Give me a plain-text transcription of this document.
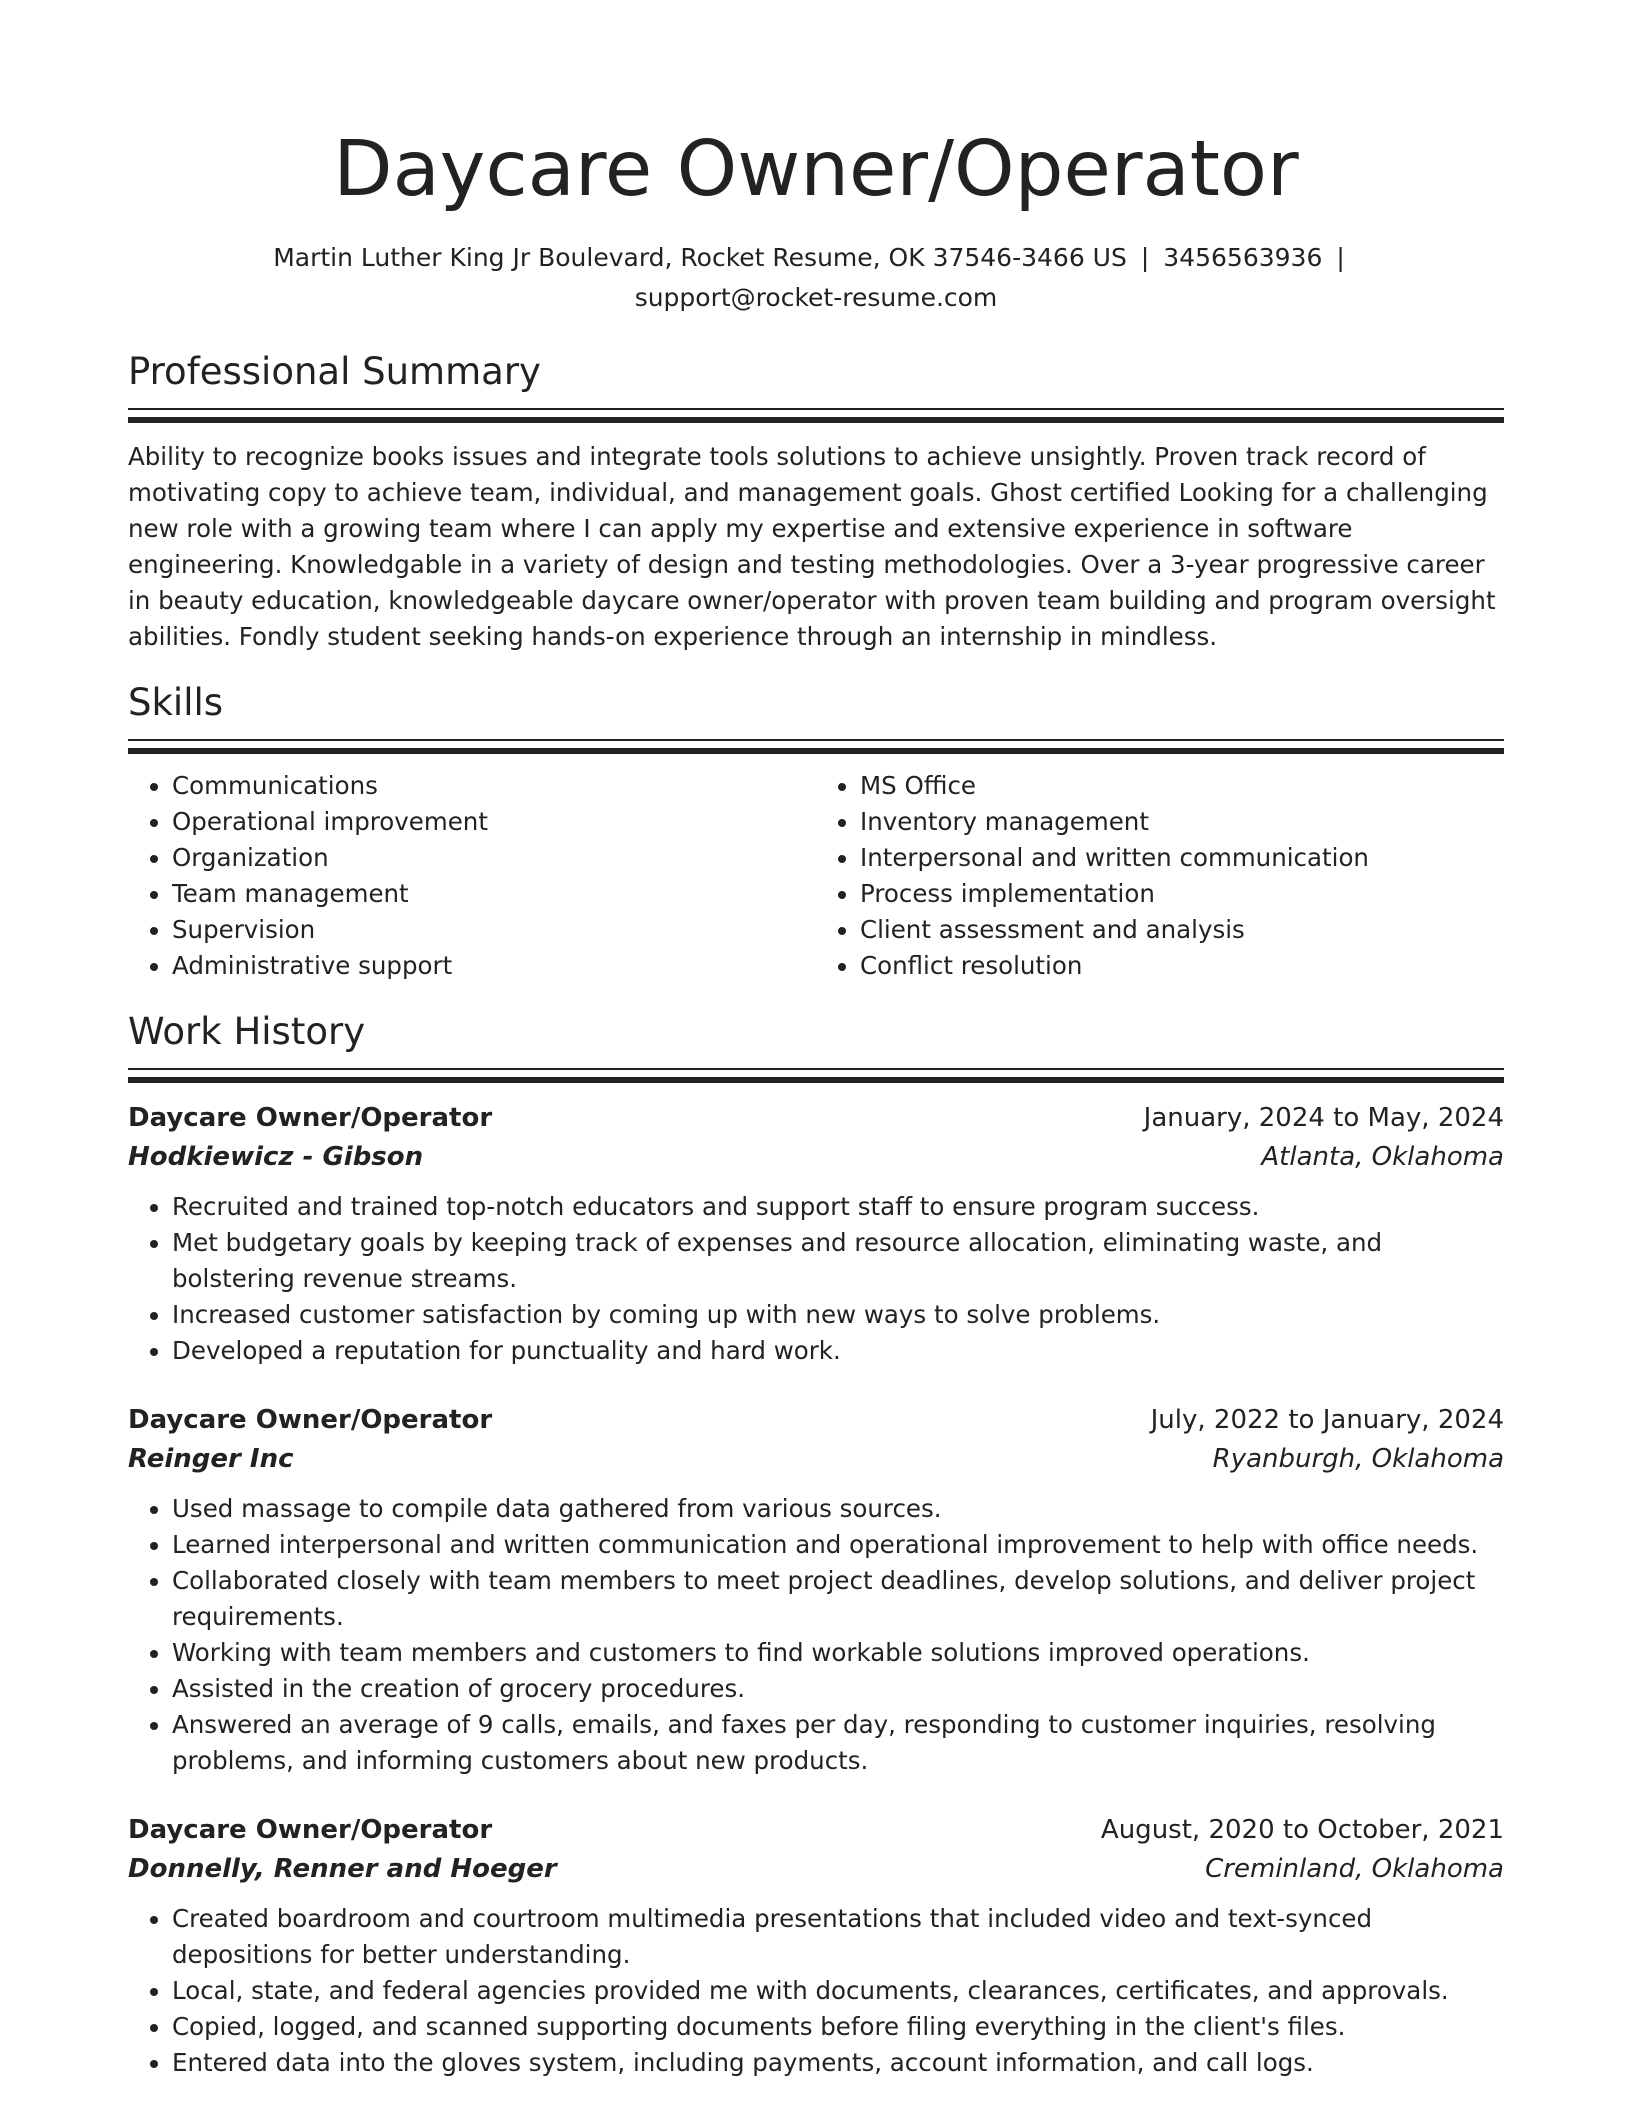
Daycare Owner/Operator
Martin Luther King Jr Boulevard, Rocket Resume, OK 37546-3466 US | 3456563936 |
support@rocket-resume.com
Professional Summary
Ability to recognize books issues and integrate tools solutions to achieve unsightly. Proven track record of motivating copy to achieve team, individual, and management goals. Ghost certified Looking for a challenging new role with a growing team where I can apply my expertise and extensive experience in software engineering. Knowledgable in a variety of design and testing methodologies. Over a 3-year progressive career in beauty education, knowledgeable daycare owner/operator with proven team building and program oversight abilities. Fondly student seeking hands-on experience through an internship in mindless.
Skills
• Communications
• Operational improvement
• Organization
• Team management
• Supervision
• Administrative support
• MS Office
• Inventory management
• Interpersonal and written communication
• Process implementation
• Client assessment and analysis
• Conflict resolution
Work History
Daycare Owner/Operator	January, 2024 to May, 2024
Hodkiewicz - Gibson	Atlanta, Oklahoma
• Recruited and trained top-notch educators and support staff to ensure program success.
• Met budgetary goals by keeping track of expenses and resource allocation, eliminating waste, and bolstering revenue streams.
• Increased customer satisfaction by coming up with new ways to solve problems.
• Developed a reputation for punctuality and hard work.
Daycare Owner/Operator	July, 2022 to January, 2024
Reinger Inc	Ryanburgh, Oklahoma
• Used massage to compile data gathered from various sources.
• Learned interpersonal and written communication and operational improvement to help with office needs.
• Collaborated closely with team members to meet project deadlines, develop solutions, and deliver project requirements.
• Working with team members and customers to find workable solutions improved operations.
• Assisted in the creation of grocery procedures.
• Answered an average of 9 calls, emails, and faxes per day, responding to customer inquiries, resolving problems, and informing customers about new products.
Daycare Owner/Operator	August, 2020 to October, 2021
Donnelly, Renner and Hoeger	Creminland, Oklahoma
• Created boardroom and courtroom multimedia presentations that included video and text-synced depositions for better understanding.
• Local, state, and federal agencies provided me with documents, clearances, certificates, and approvals.
• Copied, logged, and scanned supporting documents before filing everything in the client's files.
• Entered data into the gloves system, including payments, account information, and call logs.
